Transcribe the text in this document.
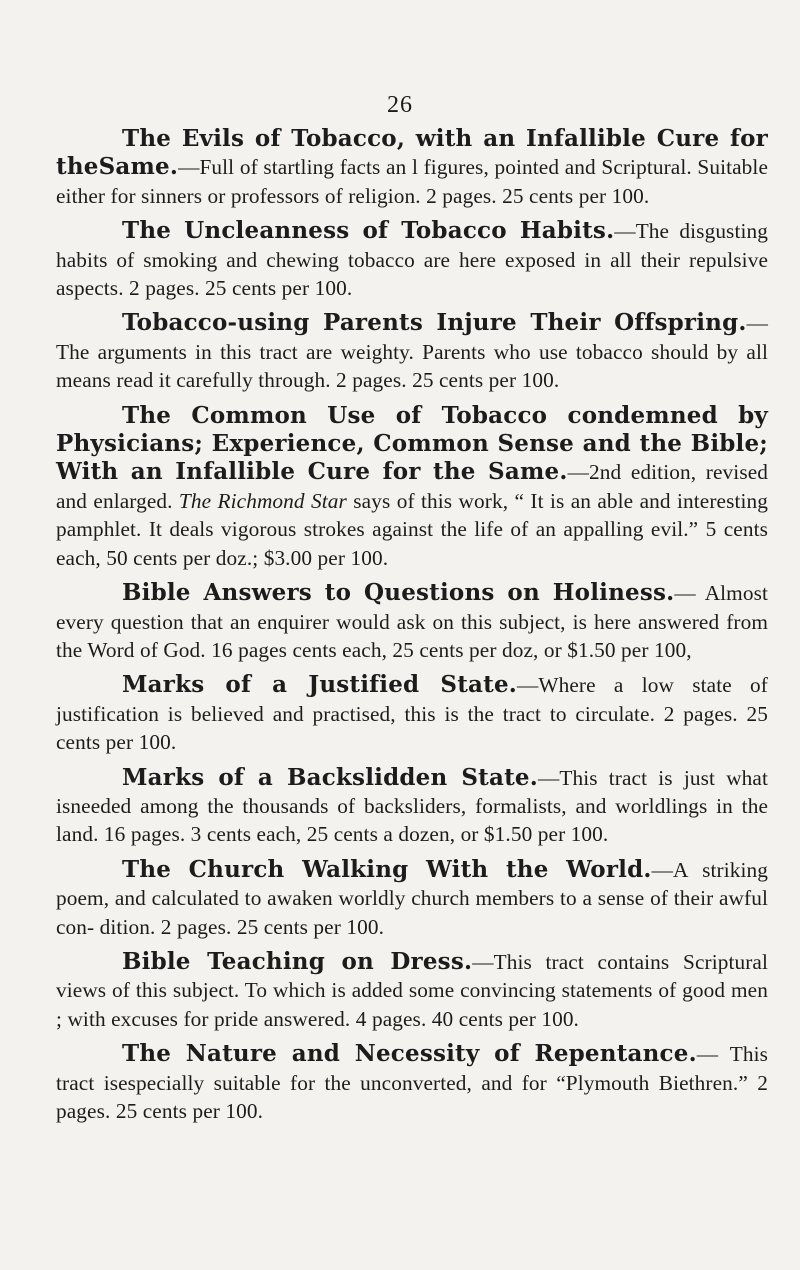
26

The Evils of Tobacco, with an Infallible Cure for theSame.—Full of startling facts an l figures, pointed and Scriptural. Suitable either for sinners or professors of religion. 2 pages. 25 cents per 100.

The Uncleanness of Tobacco Habits.—The disgusting habits of smoking and chewing tobacco are here exposed in all their repulsive aspects. 2 pages. 25 cents per 100.

Tobacco-using Parents Injure Their Offspring.—The arguments in this tract are weighty. Parents who use tobacco should by all means read it carefully through. 2 pages. 25 cents per 100.

The Common Use of Tobacco condemned by Physicians; Experience, Common Sense and the Bible; With an Infallible Cure for the Same.—2nd edition, revised and enlarged. The Richmond Star says of this work, “ It is an able and interesting pamphlet. It deals vigorous strokes against the life of an appalling evil.” 5 cents each, 50 cents per doz.; $3.00 per 100.

Bible Answers to Questions on Holiness.— Almost every question that an enquirer would ask on this subject, is here answered from the Word of God. 16 pages cents each, 25 cents per doz, or $1.50 per 100,

Marks of a Justified State.—Where a low state of justification is believed and practised, this is the tract to circulate. 2 pages. 25 cents per 100.

Marks of a Backslidden State.—This tract is just what isneeded among the thousands of backsliders, formalists, and worldlings in the land. 16 pages. 3 cents each, 25 cents a dozen, or $1.50 per 100.

The Church Walking With the World.—A striking poem, and calculated to awaken worldly church members to a sense of their awful con- dition. 2 pages. 25 cents per 100.

Bible Teaching on Dress.—This tract contains Scriptural views of this subject. To which is added some convincing statements of good men ; with excuses for pride answered. 4 pages. 40 cents per 100.

The Nature and Necessity of Repentance.— This tract isespecially suitable for the unconverted, and for “Plymouth Biethren.” 2 pages. 25 cents per 100.
